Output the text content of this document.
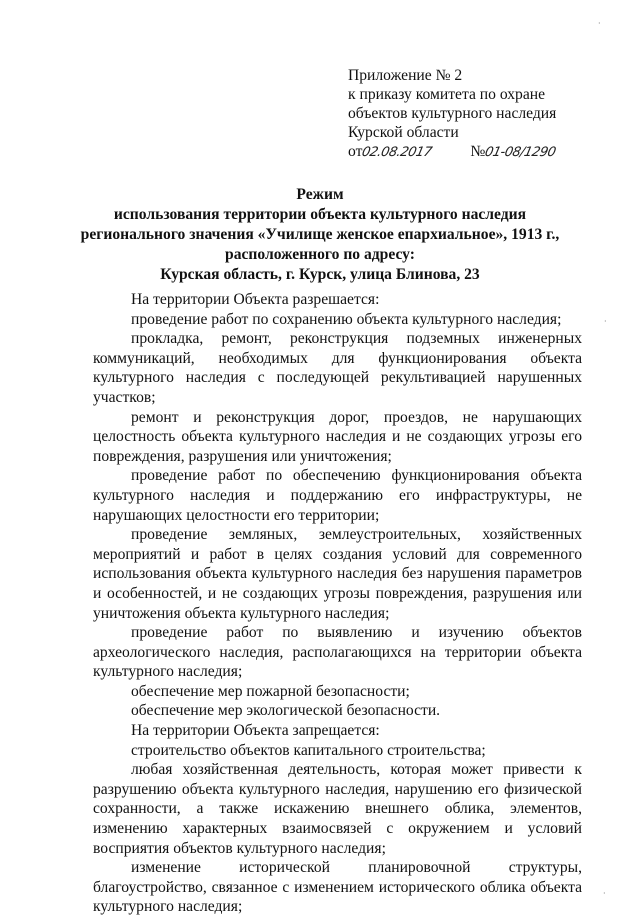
Приложение № 2
к приказу комитета по охране
объектов культурного наследия
Курской области
от02.08.2017 №01-08/1290
Режим
использования территории объекта культурного наследия
регионального значения «Училище женское епархиальное», 1913 г.,
расположенного по адресу:
Курская область, г. Курск, улица Блинова, 23

На территории Объекта разрешается:

проведение работ по сохранению объекта культурного наследия;

прокладка, ремонт, реконструкция подземных инженерных коммуникаций, необходимых для функционирования объекта культурного наследия с последующей рекультивацией нарушенных участков;

ремонт и реконструкция дорог, проездов, не нарушающих целостность объекта культурного наследия и не создающих угрозы его повреждения, разрушения или уничтожения;

проведение работ по обеспечению функционирования объекта культурного наследия и поддержанию его инфраструктуры, не нарушающих целостности его территории;

проведение земляных, землеустроительных, хозяйственных мероприятий и работ в целях создания условий для современного использования объекта культурного наследия без нарушения параметров и особенностей, и не создающих угрозы повреждения, разрушения или уничтожения объекта культурного наследия;

проведение работ по выявлению и изучению объектов археологического наследия, располагающихся на территории объекта культурного наследия;

обеспечение мер пожарной безопасности;

обеспечение мер экологической безопасности.

На территории Объекта запрещается:

строительство объектов капитального строительства;

любая хозяйственная деятельность, которая может привести к разрушению объекта культурного наследия, нарушению его физической сохранности, а также искажению внешнего облика, элементов, изменению характерных взаимосвязей с окружением и условий восприятия объектов культурного наследия;

изменение исторической планировочной структуры, благоустройство, связанное с изменением исторического облика объекта культурного наследия;

·
·
·
